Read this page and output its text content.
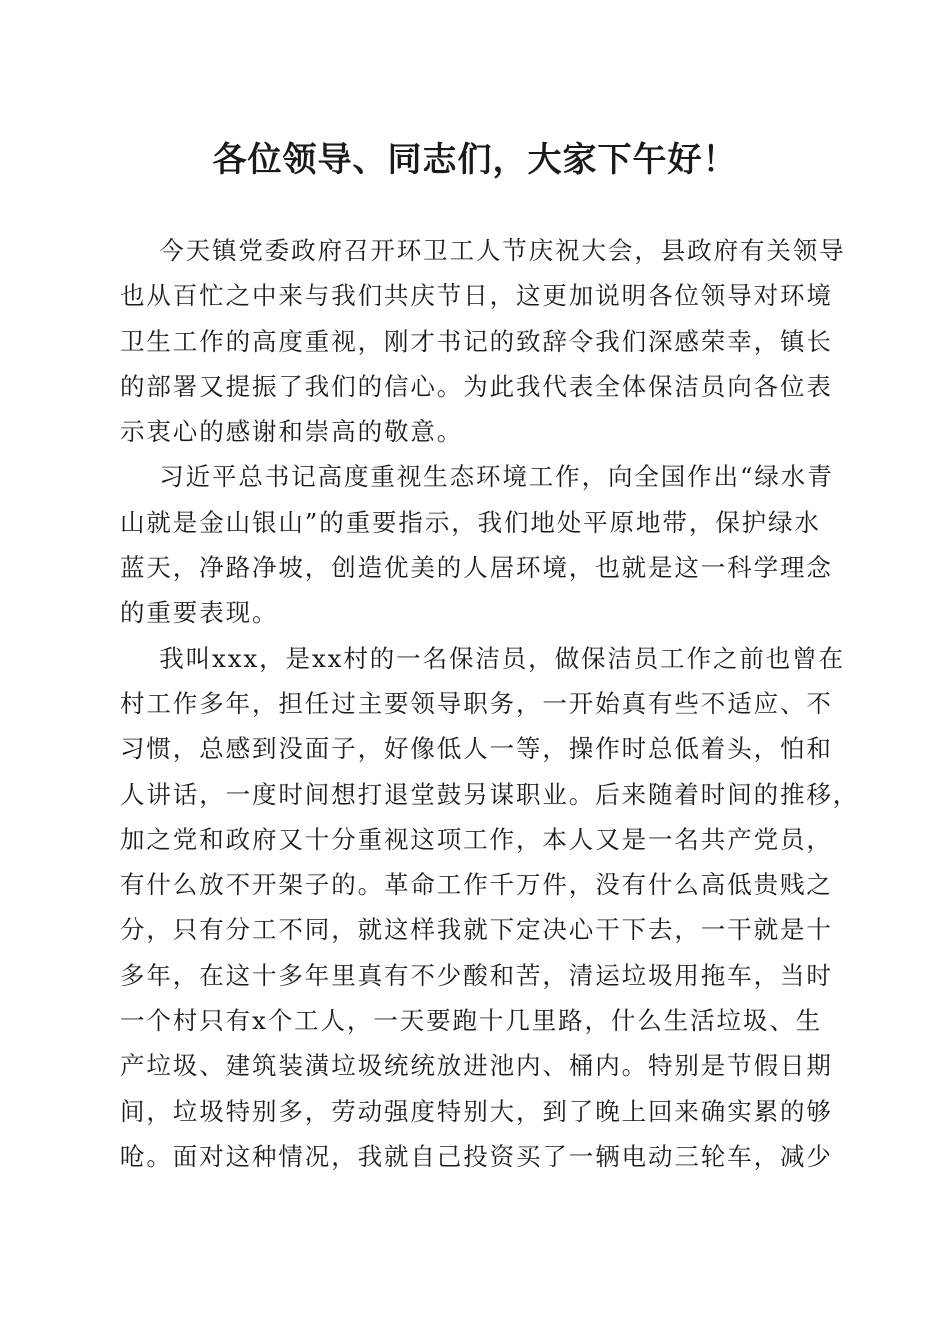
各位领导、同志们，大家下午好！

今天镇党委政府召开环卫工人节庆祝大会，县政府有关领导
也从百忙之中来与我们共庆节日，这更加说明各位领导对环境
卫生工作的高度重视，刚才书记的致辞令我们深感荣幸，镇长
的部署又提振了我们的信心。为此我代表全体保洁员向各位表
示衷心的感谢和崇高的敬意。

习近平总书记高度重视生态环境工作，向全国作出“绿水青
山就是金山银山”的重要指示，我们地处平原地带，保护绿水
蓝天，净路净坡，创造优美的人居环境，也就是这一科学理念
的重要表现。

我叫xxx，是xx村的一名保洁员，做保洁员工作之前也曾在
村工作多年，担任过主要领导职务，一开始真有些不适应、不
习惯，总感到没面子，好像低人一等，操作时总低着头，怕和
人讲话，一度时间想打退堂鼓另谋职业。后来随着时间的推移，
加之党和政府又十分重视这项工作，本人又是一名共产党员，
有什么放不开架子的。革命工作千万件，没有什么高低贵贱之
分，只有分工不同，就这样我就下定决心干下去，一干就是十
多年，在这十多年里真有不少酸和苦，清运垃圾用拖车，当时
一个村只有x个工人，一天要跑十几里路，什么生活垃圾、生
产垃圾、建筑装潢垃圾统统放进池内、桶内。特别是节假日期
间，垃圾特别多，劳动强度特别大，到了晚上回来确实累的够
呛。面对这种情况，我就自己投资买了一辆电动三轮车，减少
